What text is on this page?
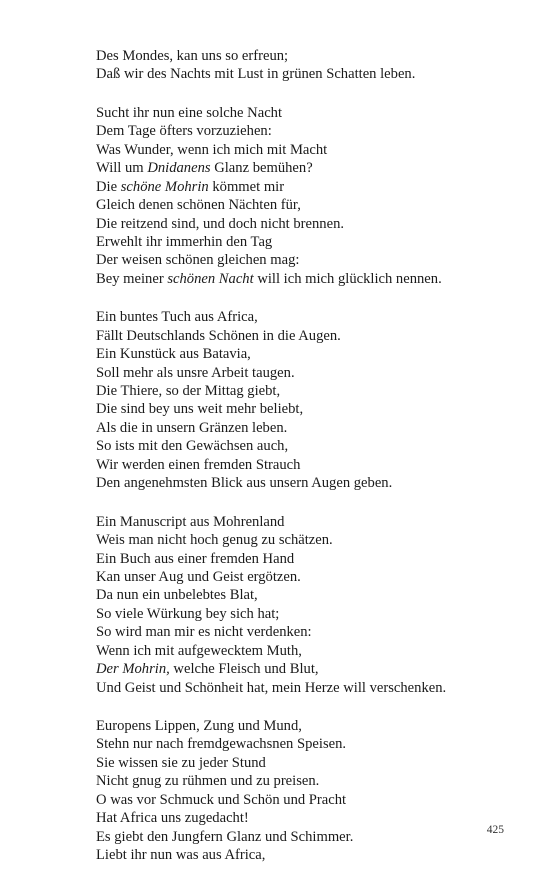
Des Mondes, kan uns so erfreun;
Daß wir des Nachts mit Lust in grünen Schatten leben.
Sucht ihr nun eine solche Nacht
Dem Tage öfters vorzuziehen:
Was Wunder, wenn ich mich mit Macht
Will um Dnidanens Glanz bemühen?
Die schöne Mohrin kömmet mir
Gleich denen schönen Nächten für,
Die reitzend sind, und doch nicht brennen.
Erwehlt ihr immerhin den Tag
Der weisen schönen gleichen mag:
Bey meiner schönen Nacht will ich mich glücklich nennen.
Ein buntes Tuch aus Africa,
Fällt Deutschlands Schönen in die Augen.
Ein Kunstück aus Batavia,
Soll mehr als unsre Arbeit taugen.
Die Thiere, so der Mittag giebt,
Die sind bey uns weit mehr beliebt,
Als die in unsern Gränzen leben.
So ists mit den Gewächsen auch,
Wir werden einen fremden Strauch
Den angenehmsten Blick aus unsern Augen geben.
Ein Manuscript aus Mohrenland
Weis man nicht hoch genug zu schätzen.
Ein Buch aus einer fremden Hand
Kan unser Aug und Geist ergötzen.
Da nun ein unbelebtes Blat,
So viele Würkung bey sich hat;
So wird man mir es nicht verdenken:
Wenn ich mit aufgewecktem Muth,
Der Mohrin, welche Fleisch und Blut,
Und Geist und Schönheit hat, mein Herze will verschenken.
Europens Lippen, Zung und Mund,
Stehn nur nach fremdgewachsnen Speisen.
Sie wissen sie zu jeder Stund
Nicht gnug zu rühmen und zu preisen.
O was vor Schmuck und Schön und Pracht
Hat Africa uns zugedacht!
Es giebt den Jungfern Glanz und Schimmer.
Liebt ihr nun was aus Africa,
425
